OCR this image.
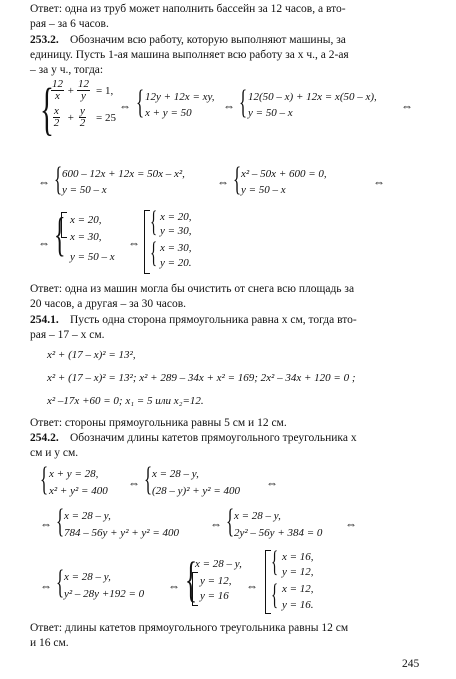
Ответ: одна из труб может наполнить бассейн за 12 часов, а вто-
рая – за 6 часов.
253.2. Обозначим всю работу, которую выполняют машины, за
единицу. Пусть 1-ая машина выполняет всю работу за x ч., а 2-ая
– за y ч., тогда:
{
$\frac{12}{x} + \frac{12}{y} = 1$,
$\frac{x}{2} + \frac{y}{2} = 25$
⇔ { 12y + 12x = xy,
x + y = 50	⇔ { 12(50 – x) + 12x = x(50 – x),
y = 50 – x	⇔
⇔ { 600 – 12x + 12x = 50x – x²,
y = 50 – x
⇔ { x² – 50x + 600 = 0,
y = 50 – x
⇔
⇔ { x = 20,
x = 30,
y = 50 – x
⇔
{
{
x = 20,
y = 30,
x = 30,
y = 20.
Ответ: одна из машин могла бы очистить от снега всю площадь за
20 часов, а другая – за 30 часов.
254.1. Пусть одна сторона прямоугольника равна x см, тогда вто-
рая – 17 – x см.
x² + (17 – x)² = 13²,
x² + (17 – x)² = 13²; x² + 289 – 34x + x² = 169; 2x² – 34x + 120 = 0 ;
x² –17x +60 = 0; x₁ = 5 или x₂=12.
Ответ: стороны прямоугольника равны 5 см и 12 см.
254.2. Обозначим длины катетов прямоугольного треугольника x
см и y см.
{ x + y = 28,
x² + y² = 400
⇔ { x = 28 – y,
(28 – y)² + y² = 400
⇔
⇔ { x = 28 – y,
784 – 56y + y² + y² = 400
⇔ { x = 28 – y,
2y² – 56y + 384 = 0
⇔
⇔ { x = 28 – y,
y² – 28y +192 = 0
⇔ {
x = 28 – y,
y = 12,
y = 16
⇔
{
{
x = 16,
y = 12,
x = 12,
y = 16.
Ответ: длины катетов прямоугольного треугольника равны 12 см
и 16 см.
245
